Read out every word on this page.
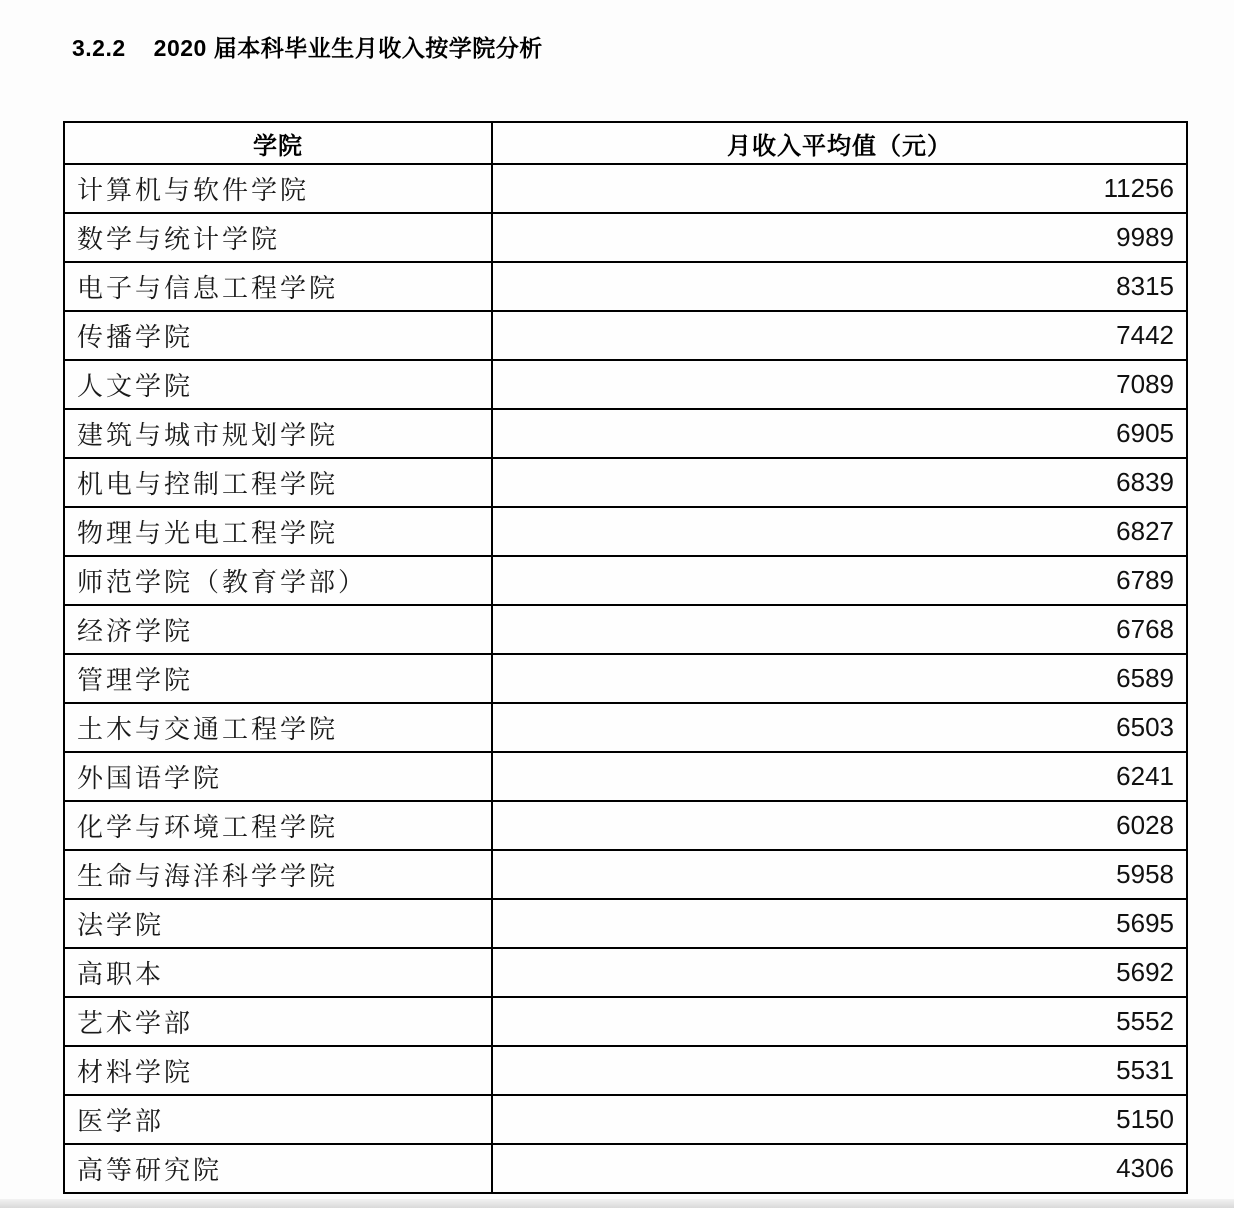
3.2.2 2020 届本科毕业生月收入按学院分析
学院	月收入平均值（元）
计算机与软件学院	11256
数学与统计学院	9989
电子与信息工程学院	8315
传播学院	7442
人文学院	7089
建筑与城市规划学院	6905
机电与控制工程学院	6839
物理与光电工程学院	6827
师范学院（教育学部）	6789
经济学院	6768
管理学院	6589
土木与交通工程学院	6503
外国语学院	6241
化学与环境工程学院	6028
生命与海洋科学学院	5958
法学院	5695
高职本	5692
艺术学部	5552
材料学院	5531
医学部	5150
高等研究院	4306
